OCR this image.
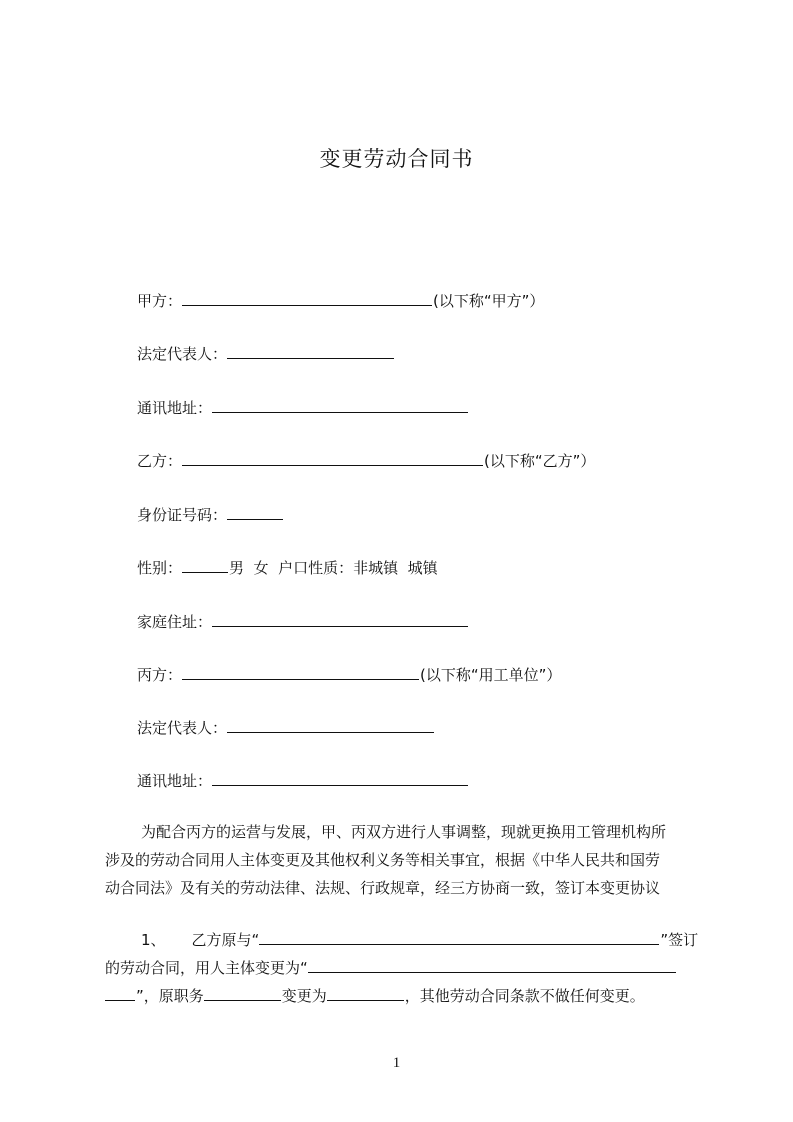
变更劳动合同书
甲方：	(以下称“甲方”）
法定代表人：
通讯地址：
乙方：	(以下称“乙方”）
身份证号码：
性别：	男  女  户口性质：非城镇  城镇
家庭住址：
丙方：	(以下称“用工单位”）
法定代表人：
通讯地址：

为配合丙方的运营与发展，甲、丙双方进行人事调整，现就更换用工管理机构所

涉及的劳动合同用人主体变更及其他权利义务等相关事宜，根据《中华人民共和国劳

动合同法》及有关的劳动法律、法规、行政规章，经三方协商一致，签订本变更协议

1、 乙方原与“	”签订

的劳动合同，用人主体变更为“

”，原职务	变更为	，其他劳动合同条款不做任何变更。

1
